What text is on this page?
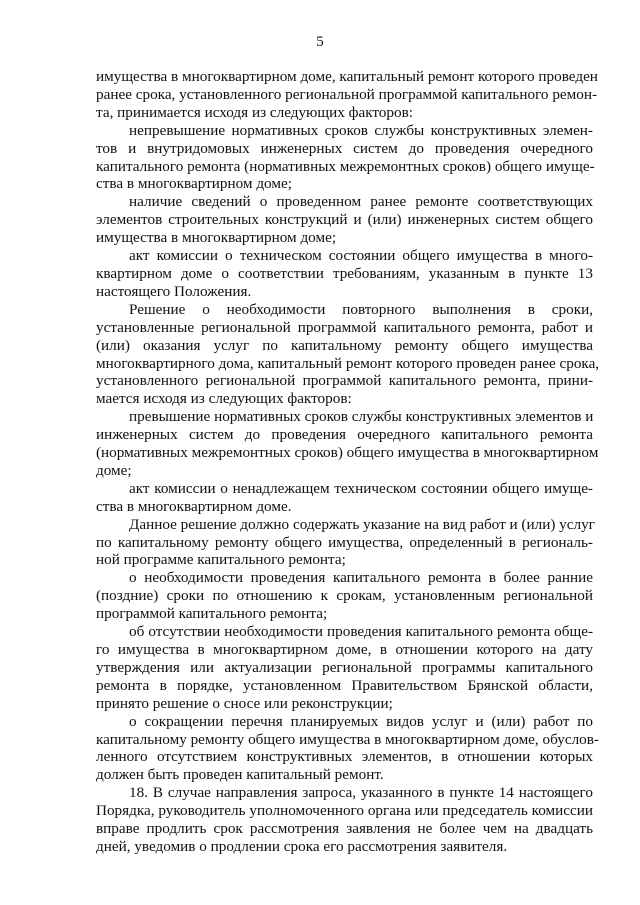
5

имущества в многоквартирном доме, капитальный ремонт которого проведен
ранее срока, установленного региональной программой капитального ремон-
та, принимается исходя из следующих факторов:

непревышение нормативных сроков службы конструктивных элемен-
тов и внутридомовых инженерных систем до проведения очередного
капитального ремонта (нормативных межремонтных сроков) общего имуще-
ства в многоквартирном доме;

наличие сведений о проведенном ранее ремонте соответствующих
элементов строительных конструкций и (или) инженерных систем общего
имущества в многоквартирном доме;

акт комиссии о техническом состоянии общего имущества в много-
квартирном доме о соответствии требованиям, указанным в пункте 13
настоящего Положения.

Решение о необходимости повторного выполнения в сроки,
установленные региональной программой капитального ремонта, работ и
(или) оказания услуг по капитальному ремонту общего имущества
многоквартирного дома, капитальный ремонт которого проведен ранее срока,
установленного региональной программой капитального ремонта, прини-
мается исходя из следующих факторов:

превышение нормативных сроков службы конструктивных элементов и
инженерных систем до проведения очередного капитального ремонта
(нормативных межремонтных сроков) общего имущества в многоквартирном
доме;

акт комиссии о ненадлежащем техническом состоянии общего имуще-
ства в многоквартирном доме.

Данное решение должно содержать указание на вид работ и (или) услуг
по капитальному ремонту общего имущества, определенный в региональ-
ной программе капитального ремонта;

о необходимости проведения капитального ремонта в более ранние
(поздние) сроки по отношению к срокам, установленным региональной
программой капитального ремонта;

об отсутствии необходимости проведения капитального ремонта обще-
го имущества в многоквартирном доме, в отношении которого на дату
утверждения или актуализации региональной программы капитального
ремонта в порядке, установленном Правительством Брянской области,
принято решение о сносе или реконструкции;

о сокращении перечня планируемых видов услуг и (или) работ по
капитальному ремонту общего имущества в многоквартирном доме, обуслов-
ленного отсутствием конструктивных элементов, в отношении которых
должен быть проведен капитальный ремонт.

18. В случае направления запроса, указанного в пункте 14 настоящего
Порядка, руководитель уполномоченного органа или председатель комиссии
вправе продлить срок рассмотрения заявления не более чем на двадцать
дней, уведомив о продлении срока его рассмотрения заявителя.
